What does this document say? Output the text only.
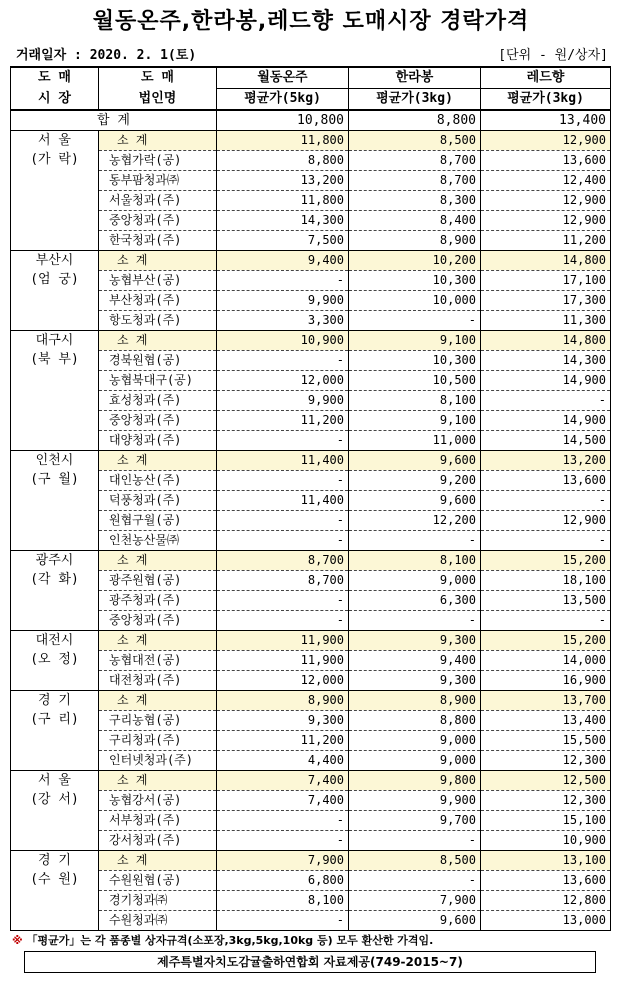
월동온주,한라봉,레드향 도매시장 경락가격
거래일자 : 2020. 2. 1(토)	[단위 - 원/상자]
도 매	도 매	월동온주	한라봉	레드향
시 장	법인명	평균가(5kg)	평균가(3kg)	평균가(3kg)
합 계		10,800	8,800	13,400

서 울
(가 락)	소 계	11,800	8,500	12,900
	농협가락(공)	8,800	8,700	13,600
	동부팜청과㈜	13,200	8,700	12,400
	서울청과(주)	11,800	8,300	12,900
	중앙청과(주)	14,300	8,400	12,900
	한국청과(주)	7,500	8,900	11,200

부산시
(엄 궁)	소 계	9,400	10,200	14,800
	농협부산(공)	-	10,300	17,100
	부산청과(주)	9,900	10,000	17,300
	항도청과(주)	3,300	-	11,300

대구시
(북 부)	소 계	10,900	9,100	14,800
	경북원협(공)	-	10,300	14,300
	농협북대구(공)	12,000	10,500	14,900
	효성청과(주)	9,900	8,100	-
	중앙청과(주)	11,200	9,100	14,900
	대양청과(주)	-	11,000	14,500

인천시
(구 월)	소 계	11,400	9,600	13,200
	대인농산(주)	-	9,200	13,600
	덕풍청과(주)	11,400	9,600	-
	원협구월(공)	-	12,200	12,900
	인천농산물㈜	-	-	-

광주시
(각 화)	소 계	8,700	8,100	15,200
	광주원협(공)	8,700	9,000	18,100
	광주청과(주)	-	6,300	13,500
	중앙청과(주)	-	-	-

대전시
(오 정)	소 계	11,900	9,300	15,200
	농협대전(공)	11,900	9,400	14,000
	대전청과(주)	12,000	9,300	16,900

경 기
(구 리)	소 계	8,900	8,900	13,700
	구리농협(공)	9,300	8,800	13,400
	구리청과(주)	11,200	9,000	15,500
	인터넷청과(주)	4,400	9,000	12,300

서 울
(강 서)	소 계	7,400	9,800	12,500
	농협강서(공)	7,400	9,900	12,300
	서부청과(주)	-	9,700	15,100
	강서청과(주)	-	-	10,900

경 기
(수 원)	소 계	7,900	8,500	13,100
	수원원협(공)	6,800	-	13,600
	경기청과㈜	8,100	7,900	12,800
	수원청과㈜	-	9,600	13,000
※ 「평균가」는 각 품종별 상자규격(소포장,3kg,5kg,10kg 등) 모두 환산한 가격임.
제주특별자치도감귤출하연합회 자료제공(749-2015~7)
